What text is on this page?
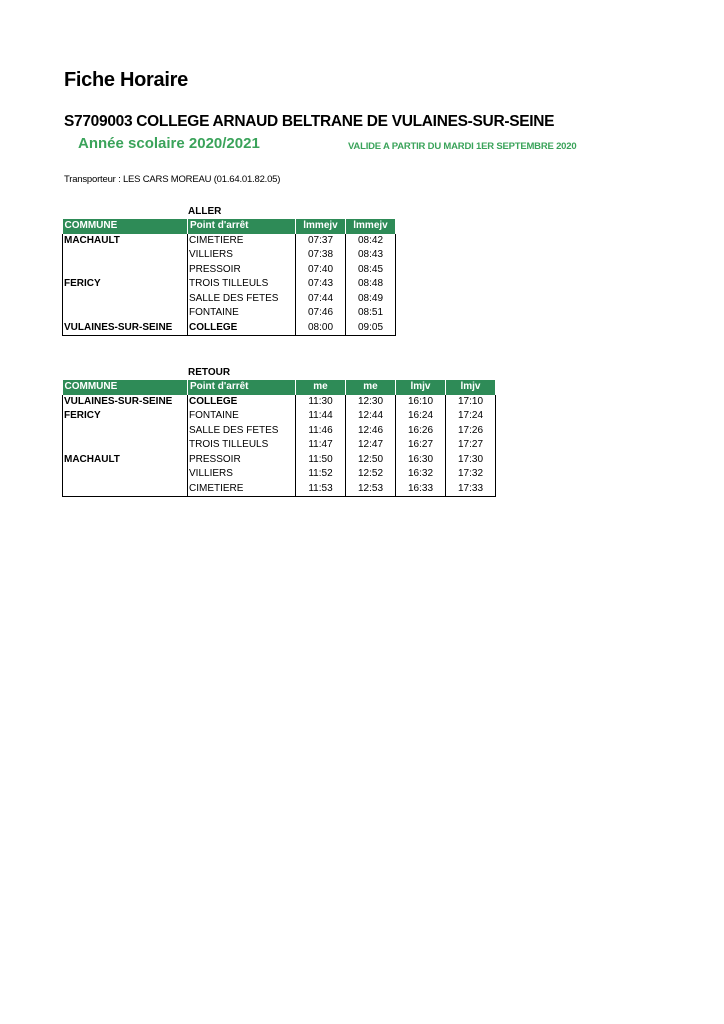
Fiche Horaire
S7709003 COLLEGE ARNAUD BELTRANE DE VULAINES-SUR-SEINE
Année scolaire 2020/2021	VALIDE A PARTIR DU MARDI 1ER SEPTEMBRE 2020
Transporteur : LES CARS MOREAU (01.64.01.82.05)
ALLER
COMMUNE	Point d'arrêt	lmmejv	lmmejv
MACHAULT	CIMETIERE	07:37	08:42
	VILLIERS	07:38	08:43
	PRESSOIR	07:40	08:45
FERICY	TROIS TILLEULS	07:43	08:48
	SALLE DES FETES	07:44	08:49
	FONTAINE	07:46	08:51
VULAINES-SUR-SEINE	COLLEGE	08:00	09:05
RETOUR
COMMUNE	Point d'arrêt	me	me	lmjv	lmjv
VULAINES-SUR-SEINE	COLLEGE	11:30	12:30	16:10	17:10
FERICY	FONTAINE	11:44	12:44	16:24	17:24
	SALLE DES FETES	11:46	12:46	16:26	17:26
	TROIS TILLEULS	11:47	12:47	16:27	17:27
MACHAULT	PRESSOIR	11:50	12:50	16:30	17:30
	VILLIERS	11:52	12:52	16:32	17:32
	CIMETIERE	11:53	12:53	16:33	17:33
